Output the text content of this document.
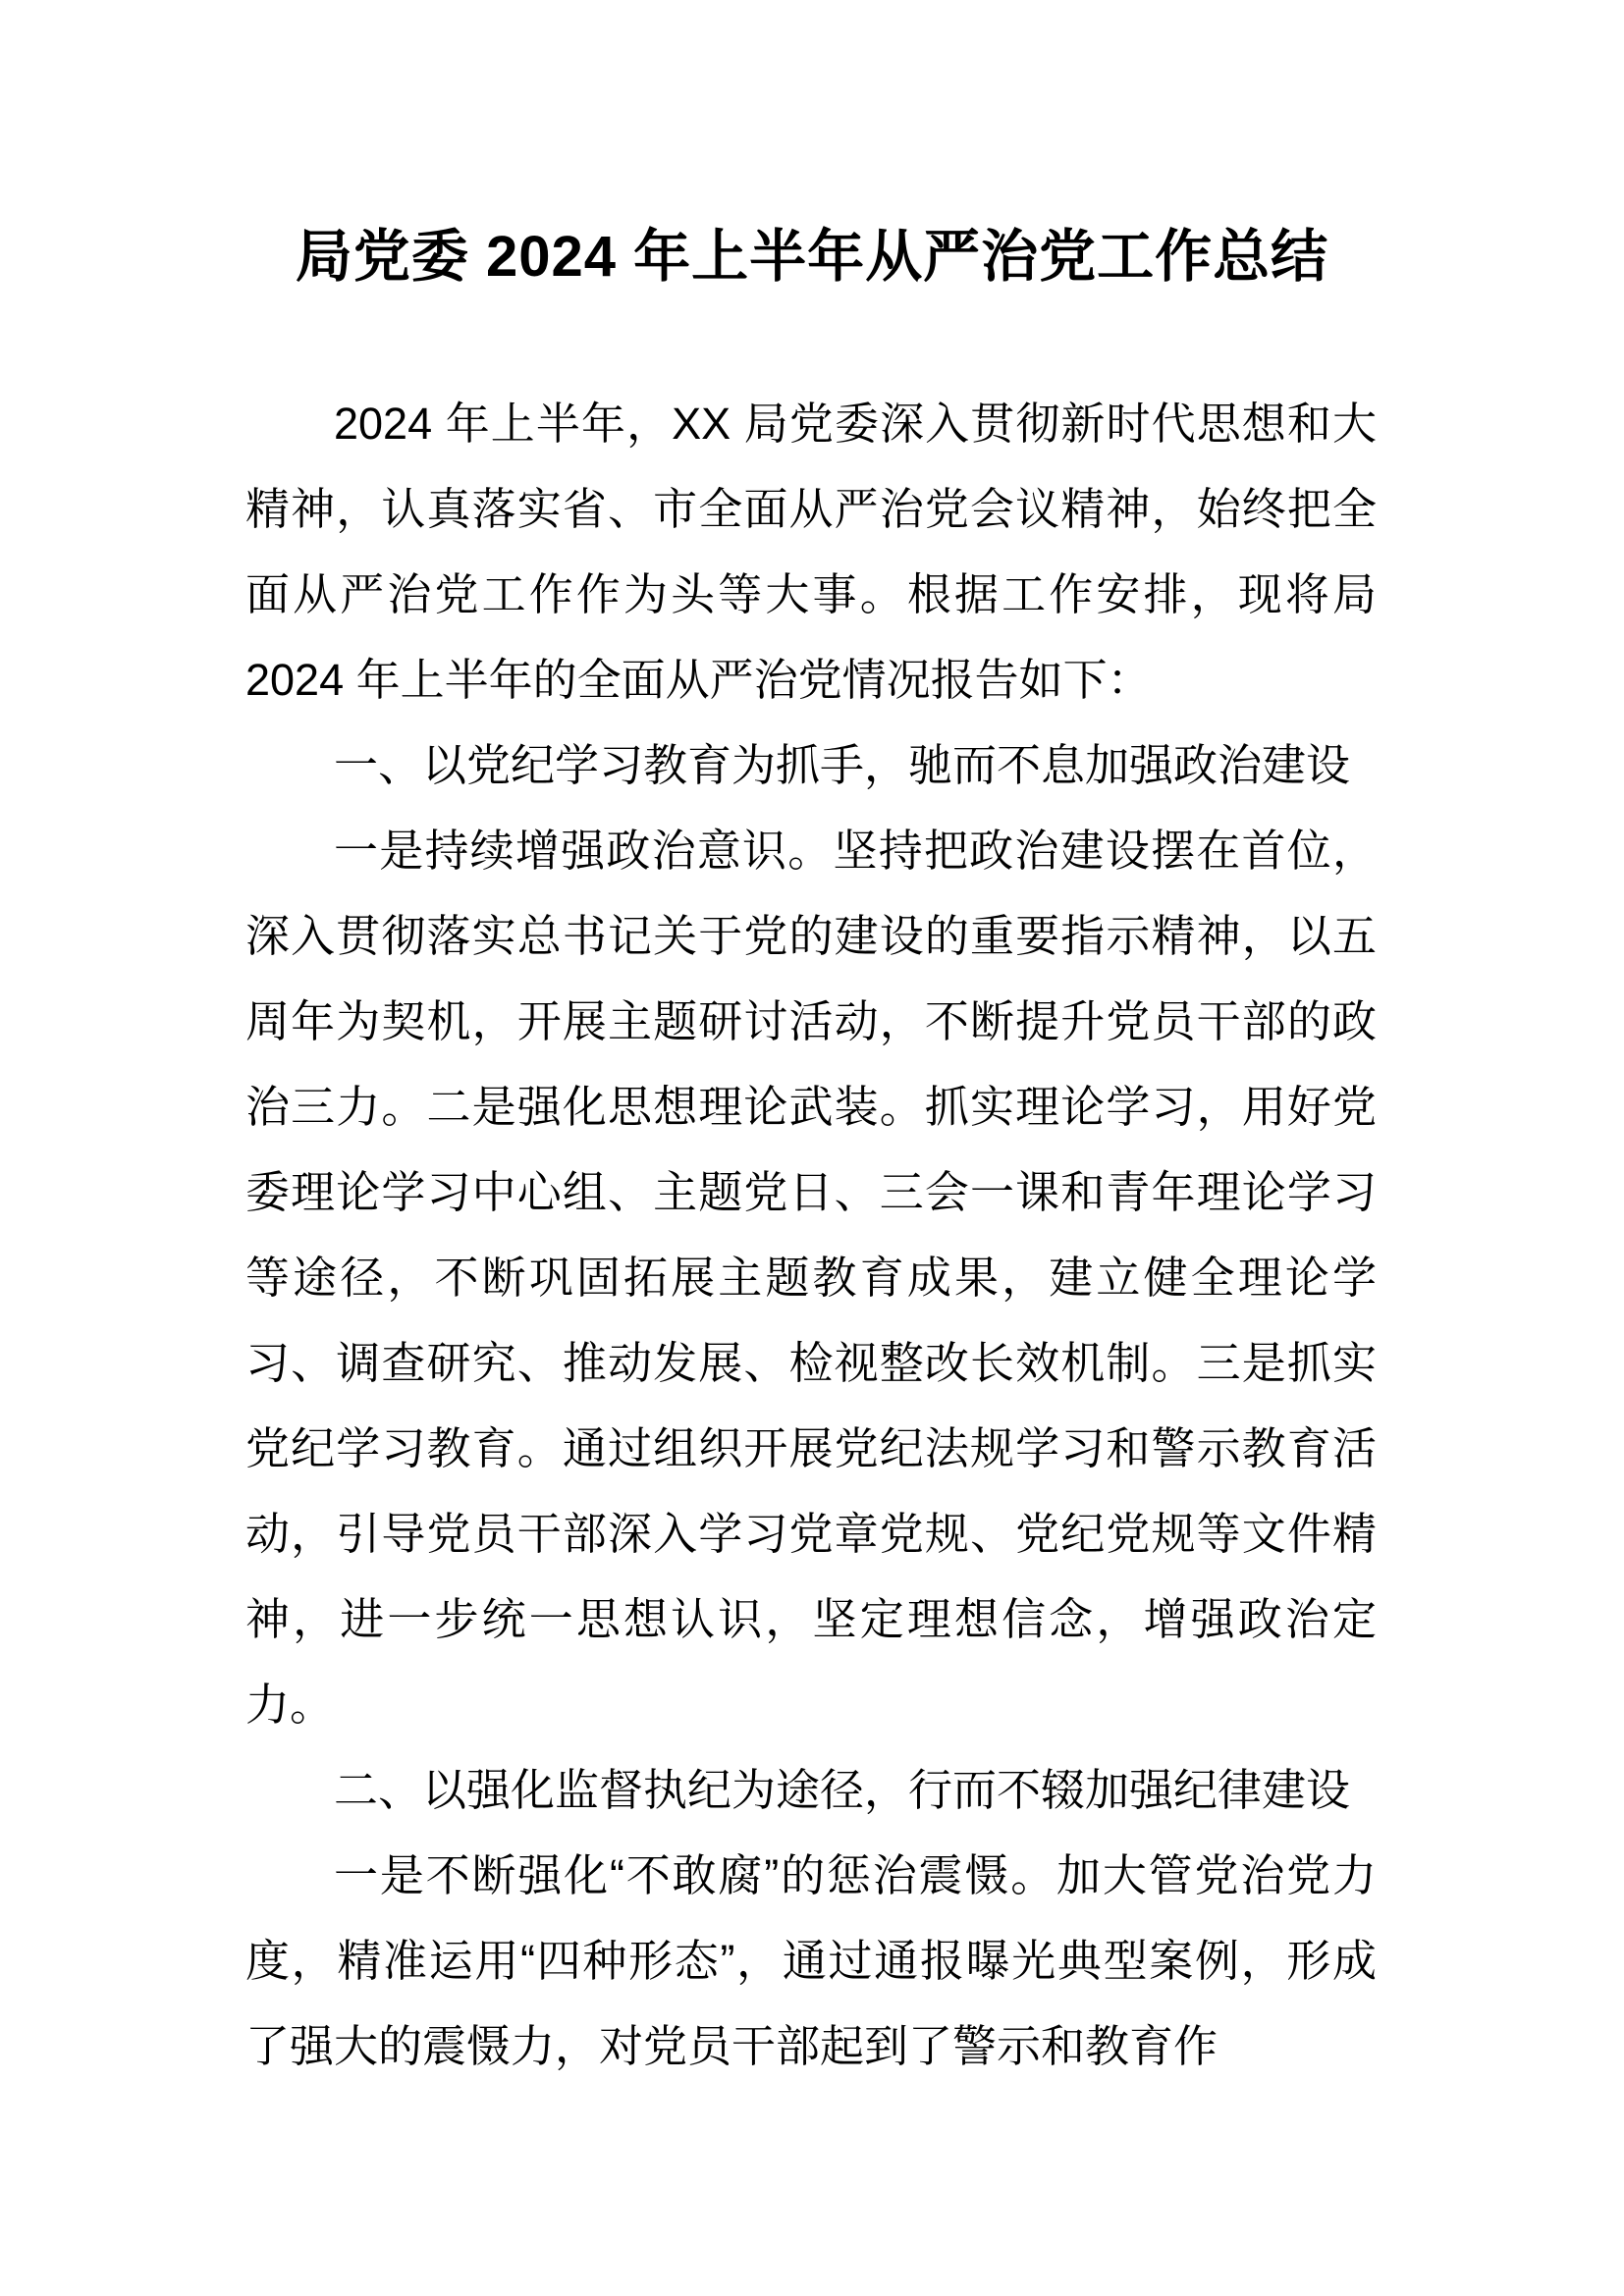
局党委 2024 年上半年从严治党工作总结

2024 年上半年，XX 局党委深入贯彻新时代思想和大精神，认真落实省、市全面从严治党会议精神，始终把全面从严治党工作作为头等大事。根据工作安排，现将局 2024 年上半年的全面从严治党情况报告如下：

一、以党纪学习教育为抓手，驰而不息加强政治建设

一是持续增强政治意识。坚持把政治建设摆在首位，深入贯彻落实总书记关于党的建设的重要指示精神，以五周年为契机，开展主题研讨活动，不断提升党员干部的政治三力。二是强化思想理论武装。抓实理论学习，用好党委理论学习中心组、主题党日、三会一课和青年理论学习等途径，不断巩固拓展主题教育成果，建立健全理论学习、调查研究、推动发展、检视整改长效机制。三是抓实党纪学习教育。通过组织开展党纪法规学习和警示教育活动，引导党员干部深入学习党章党规、党纪党规等文件精神，进一步统一思想认识，坚定理想信念，增强政治定力。

二、以强化监督执纪为途径，行而不辍加强纪律建设

一是不断强化“不敢腐”的惩治震慑。加大管党治党力度，精准运用“四种形态”，通过通报曝光典型案例，形成了强大的震慑力，对党员干部起到了警示和教育作
